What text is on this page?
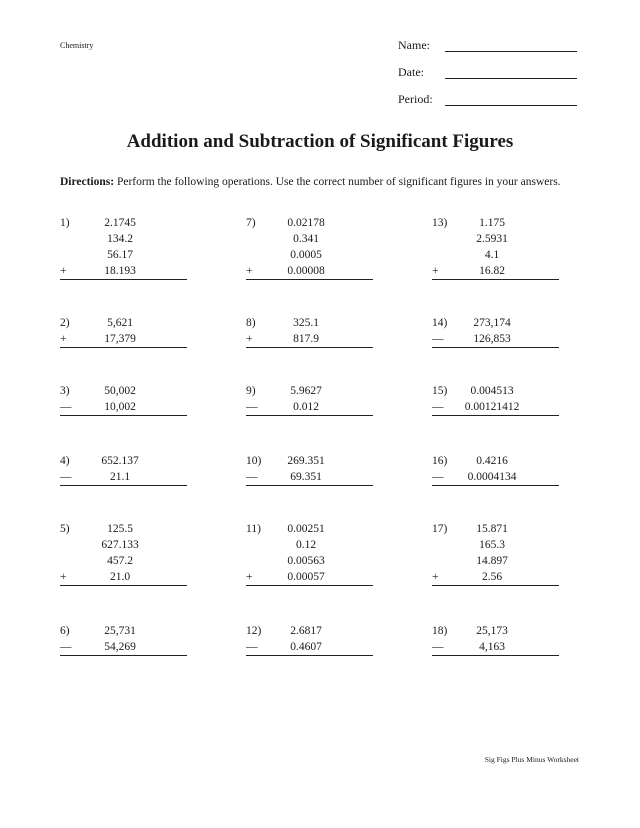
Chemistry	Name:
Date:
Period:
Addition and Subtraction of Significant Figures
Directions: Perform the following operations. Use the correct number of significant figures in your answers.
1)	2.1745
134.2
56.17
+	18.193
2)	5,621
+	17,379
3)	50,002
—	10,002
4)	652.137
—	21.1
5)	125.5
627.133
457.2
+	21.0
6)	25,731
—	54,269
7)	0.02178
0.341
0.0005
+	0.00008
8)	325.1
+	817.9
9)	5.9627
—	0.012
10)	269.351
—	69.351
11)	0.00251
0.12
0.00563
+	0.00057
12)	2.6817
—	0.4607
13)	1.175
2.5931
4.1
+	16.82
14)	273,174
—	126,853
15)	0.004513
—	0.00121412
16)	0.4216
—	0.0004134
17)	15.871
165.3
14.897
+	2.56
18)	25,173
—	4,163
Sig Figs Plus Minus Worksheet
